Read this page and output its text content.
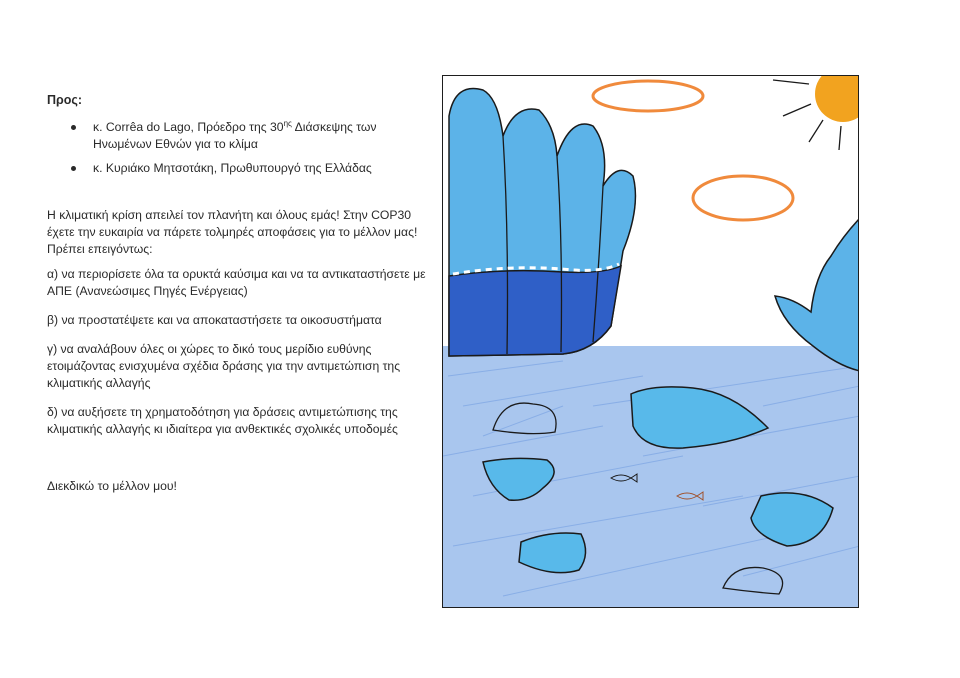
Προς:

κ. Corrêa do Lago, Πρόεδρο της $30^{\eta\varsigma}$ Διάσκεψης των Ηνωμένων Εθνών για το κλίμα
κ. Κυριάκο Μητσοτάκη, Πρωθυπουργό της Ελλάδας

Η κλιματική κρίση απειλεί τον πλανήτη και όλους εμάς! Στην COP30 έχετε την ευκαιρία να πάρετε τολμηρές αποφάσεις για το μέλλον μας! Πρέπει επειγόντως:

α) να περιορίσετε όλα τα ορυκτά καύσιμα και να τα αντικαταστήσετε με ΑΠΕ (Ανανεώσιμες Πηγές Ενέργειας)

β) να προστατέψετε και να αποκαταστήσετε τα οικοσυστήματα

γ) να αναλάβουν όλες οι χώρες το δικό τους μερίδιο ευθύνης ετοιμάζοντας ενισχυμένα σχέδια δράσης για την αντιμετώπιση της κλιματικής αλλαγής

δ) να αυξήσετε τη χρηματοδότηση για δράσεις αντιμετώπισης της κλιματικής αλλαγής κι ιδιαίτερα για ανθεκτικές σχολικές υποδομές

Διεκδικώ το μέλλον μου!
